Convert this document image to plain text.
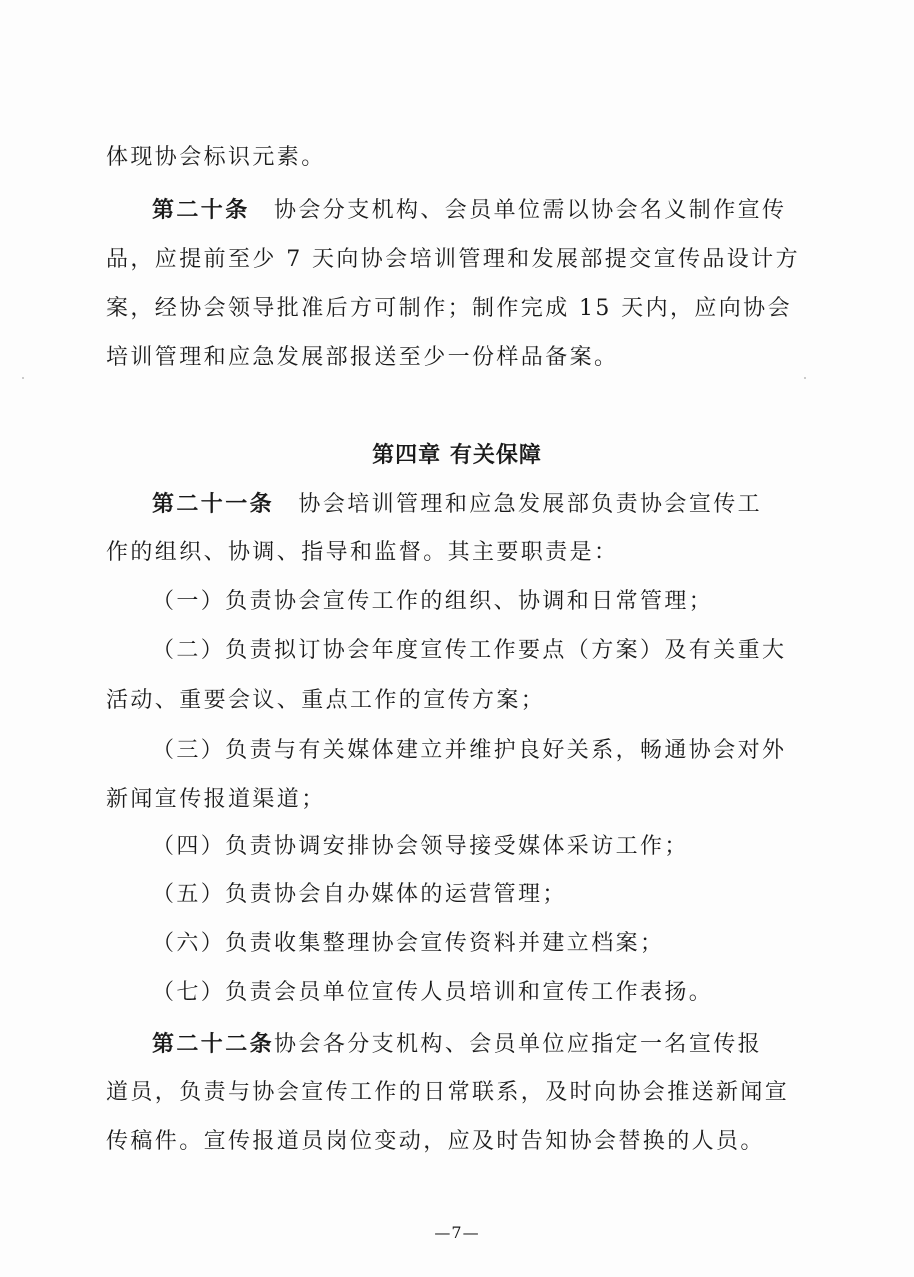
体现协会标识元素。

第二十条　协会分支机构、会员单位需以协会名义制作宣传

品，应提前至少 7 天向协会培训管理和发展部提交宣传品设计方

案，经协会领导批准后方可制作；制作完成 15 天内，应向协会

培训管理和应急发展部报送至少一份样品备案。

第四章 有关保障

第二十一条　协会培训管理和应急发展部负责协会宣传工

作的组织、协调、指导和监督。其主要职责是：

（一）负责协会宣传工作的组织、协调和日常管理；

（二）负责拟订协会年度宣传工作要点（方案）及有关重大

活动、重要会议、重点工作的宣传方案；

（三）负责与有关媒体建立并维护良好关系，畅通协会对外

新闻宣传报道渠道；

（四）负责协调安排协会领导接受媒体采访工作；

（五）负责协会自办媒体的运营管理；

（六）负责收集整理协会宣传资料并建立档案；

（七）负责会员单位宣传人员培训和宣传工作表扬。

第二十二条协会各分支机构、会员单位应指定一名宣传报

道员，负责与协会宣传工作的日常联系，及时向协会推送新闻宣

传稿件。宣传报道员岗位变动，应及时告知协会替换的人员。

—7—
